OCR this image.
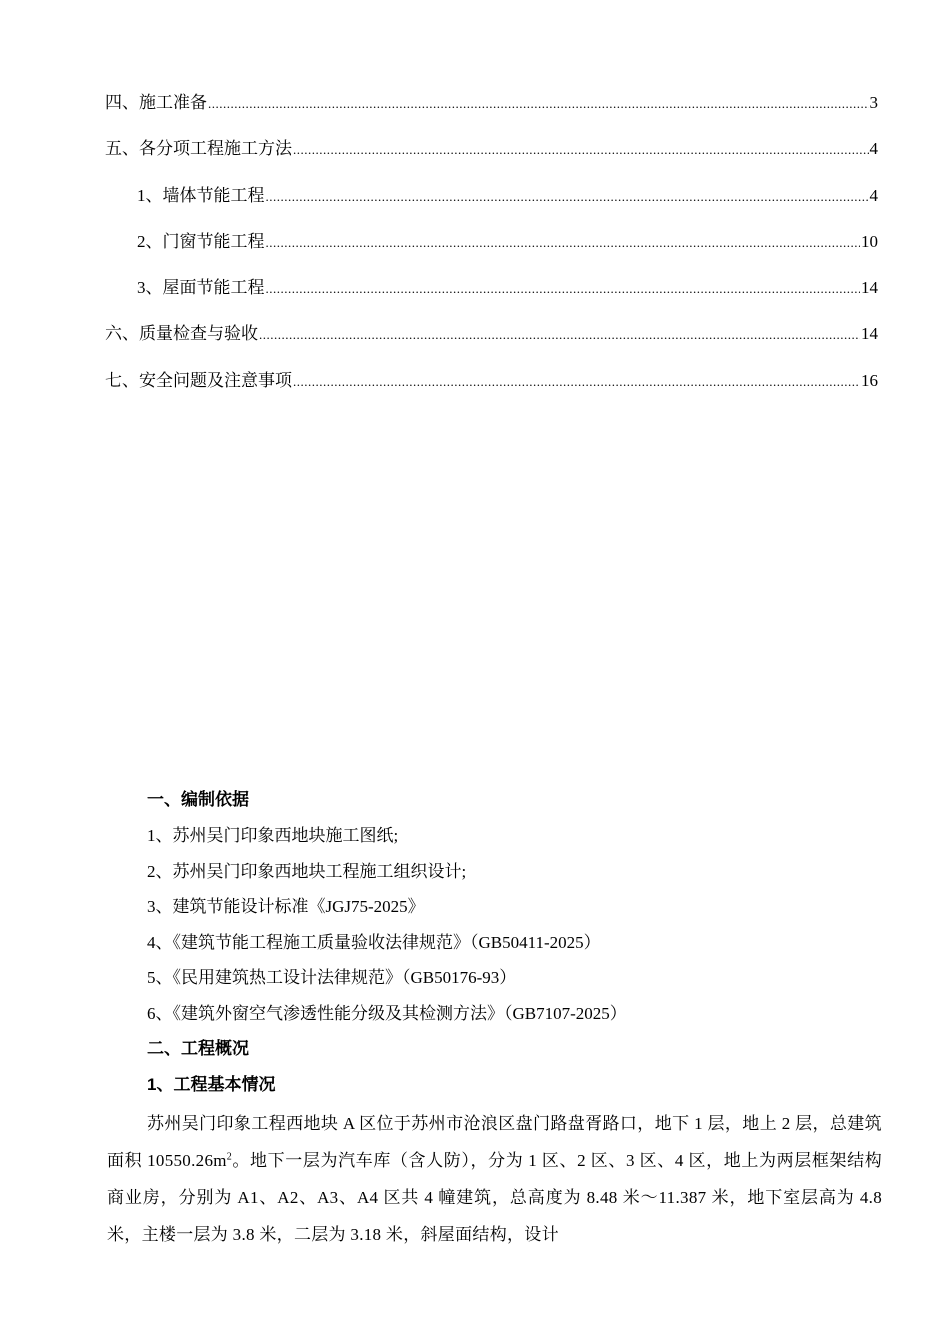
四、施工准备 .....	3
五、各分项工程施工方法 .....	4
1、墙体节能工程 .....	4
2、门窗节能工程 .....	10
3、屋面节能工程 .....	14
六、质量检查与验收 .....	14
七、安全问题及注意事项 .....	16
一、编制依据
1、苏州吴门印象西地块施工图纸;
2、苏州吴门印象西地块工程施工组织设计;
3、建筑节能设计标准《JGJ75-2025》
4、《建筑节能工程施工质量验收法律规范》（GB50411-2025）
5、《民用建筑热工设计法律规范》（GB50176-93）
6、《建筑外窗空气渗透性能分级及其检测方法》（GB7107-2025）
二、工程概况
1、工程基本情况
苏州吴门印象工程西地块 A 区位于苏州市沧浪区盘门路盘胥路口，地下 1 层，地上 2 层，总建筑面积 $10550.26m^2$。地下一层为汽车库（含人防），分为 1 区、2 区、3 区、4 区，地上为两层框架结构商业房，分别为 A1、A2、A3、A4 区共 4 幢建筑，总高度为 8.48 米～11.387 米，地下室层高为 4.8 米，主楼一层为 3.8 米，二层为 3.18 米，斜屋面结构，设计
